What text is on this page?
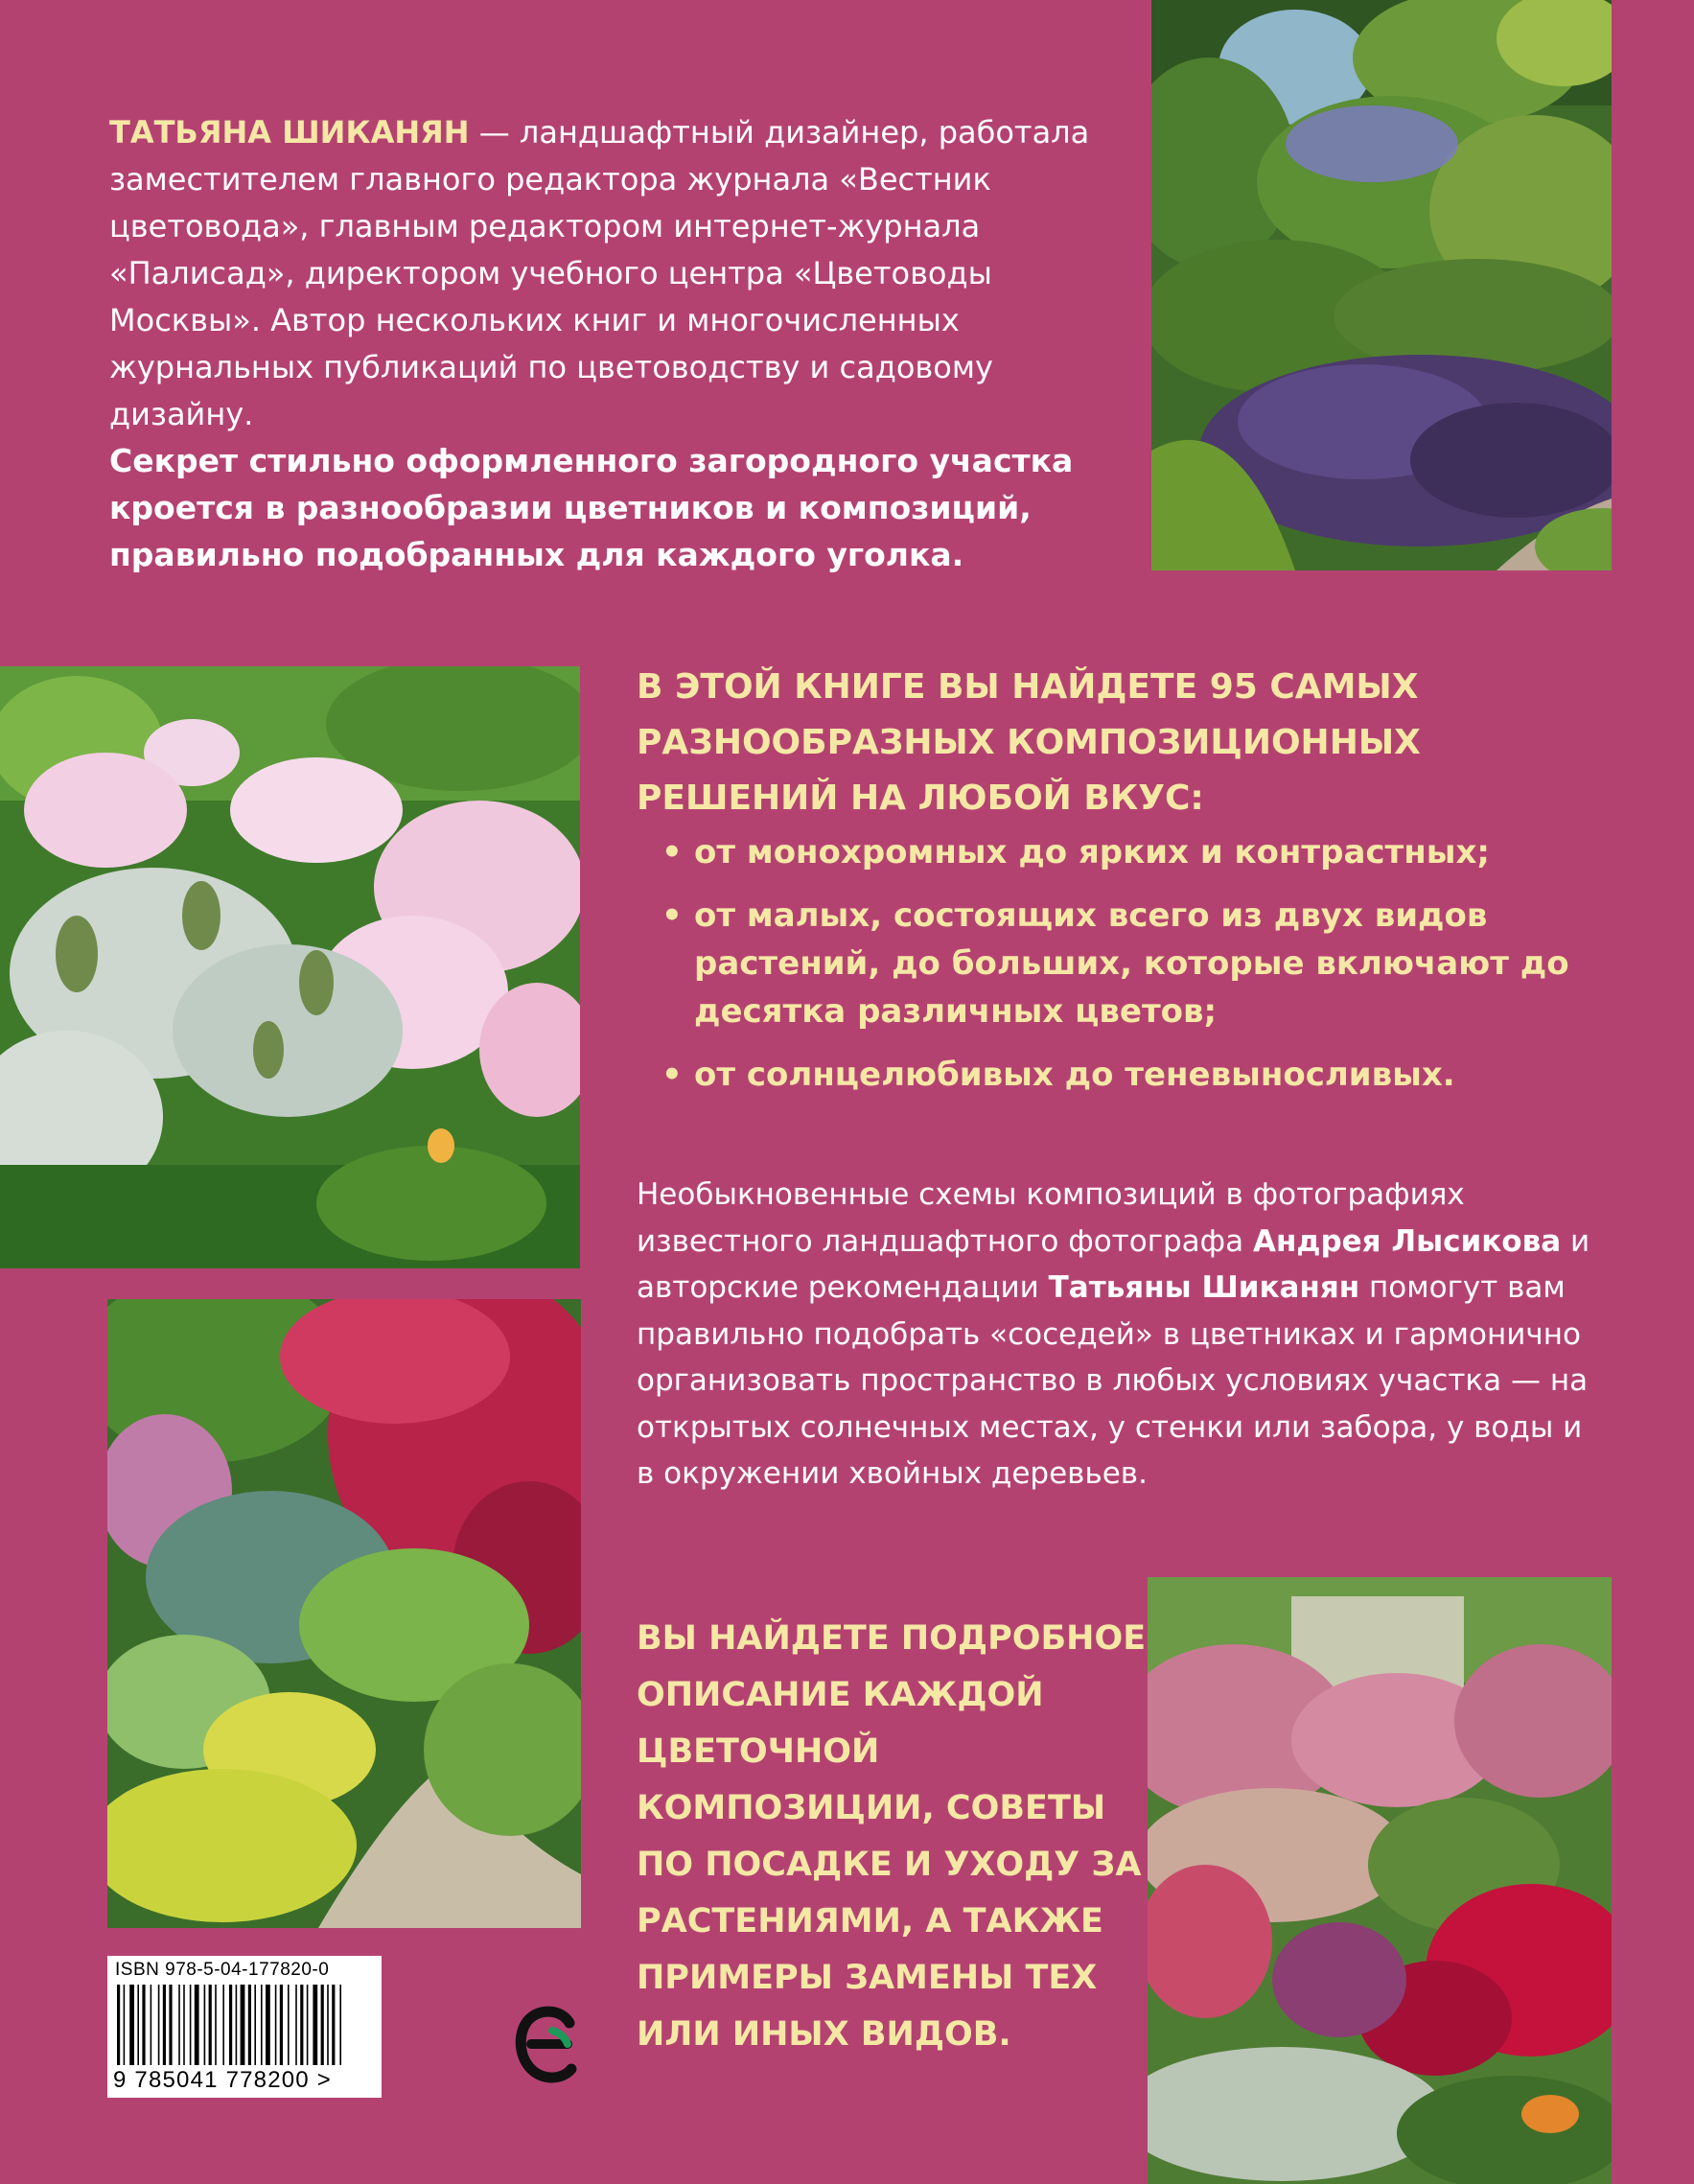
ТАТЬЯНА ШИКАНЯН — ландшафтный дизайнер, работала заместителем главного редактора журнала «Вестник цветовода», главным редактором интернет-журнала «Палисад», директором учебного центра «Цветоводы Москвы». Автор нескольких книг и многочисленных журнальных публикаций по цветоводству и садовому дизайну.

Секрет стильно оформленного загородного участка кроется в разнообразии цветников и композиций, правильно подобранных для каждого уголка.

В ЭТОЙ КНИГЕ ВЫ НАЙДЕТЕ 95 САМЫХ РАЗНООБРАЗНЫХ КОМПОЗИЦИОННЫХ РЕШЕНИЙ НА ЛЮБОЙ ВКУС:

• от монохромных до ярких и контрастных;
• от малых, состоящих всего из двух видов растений, до больших, которые включают до десятка различных цветов;
• от солнцелюбивых до теневыносливых.

Необыкновенные схемы композиций в фотографиях известного ландшафтного фотографа Андрея Лысикова и авторские рекомендации Татьяны Шиканян помогут вам правильно подобрать «соседей» в цветниках и гармонично организовать пространство в любых условиях участка — на открытых солнечных местах, у стенки или забора, у воды и в окружении хвойных деревьев.

ВЫ НАЙДЕТЕ ПОДРОБНОЕ ОПИСАНИЕ КАЖДОЙ ЦВЕТОЧНОЙ КОМПОЗИЦИИ, СОВЕТЫ ПО ПОСАДКЕ И УХОДУ ЗА РАСТЕНИЯМИ, А ТАКЖЕ ПРИМЕРЫ ЗАМЕНЫ ТЕХ ИЛИ ИНЫХ ВИДОВ.

ISBN 978-5-04-177820-0
9 785041 778200 >
